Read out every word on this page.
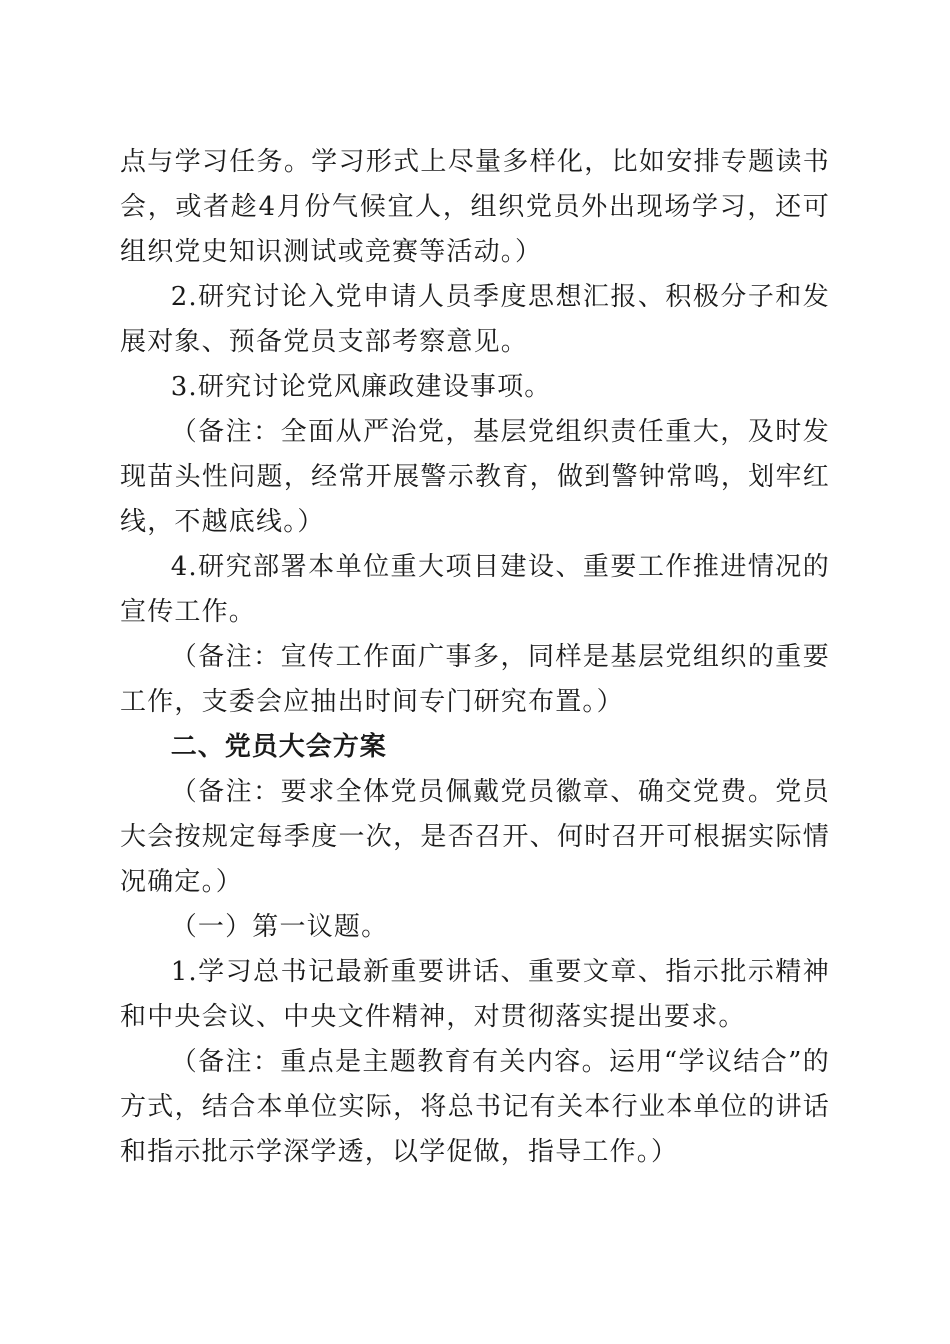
点与学习任务。学习形式上尽量多样化，比如安排专题读书会，或者趁4月份气候宜人，组织党员外出现场学习，还可组织党史知识测试或竞赛等活动。）

2.研究讨论入党申请人员季度思想汇报、积极分子和发展对象、预备党员支部考察意见。

3.研究讨论党风廉政建设事项。

（备注：全面从严治党，基层党组织责任重大，及时发现苗头性问题，经常开展警示教育，做到警钟常鸣，划牢红线，不越底线。）

4.研究部署本单位重大项目建设、重要工作推进情况的宣传工作。

（备注：宣传工作面广事多，同样是基层党组织的重要工作，支委会应抽出时间专门研究布置。）

二、党员大会方案

（备注：要求全体党员佩戴党员徽章、确交党费。党员大会按规定每季度一次，是否召开、何时召开可根据实际情况确定。）

（一）第一议题。

1.学习总书记最新重要讲话、重要文章、指示批示精神和中央会议、中央文件精神，对贯彻落实提出要求。

（备注：重点是主题教育有关内容。运用“学议结合”的方式，结合本单位实际，将总书记有关本行业本单位的讲话和指示批示学深学透，以学促做，指导工作。）
